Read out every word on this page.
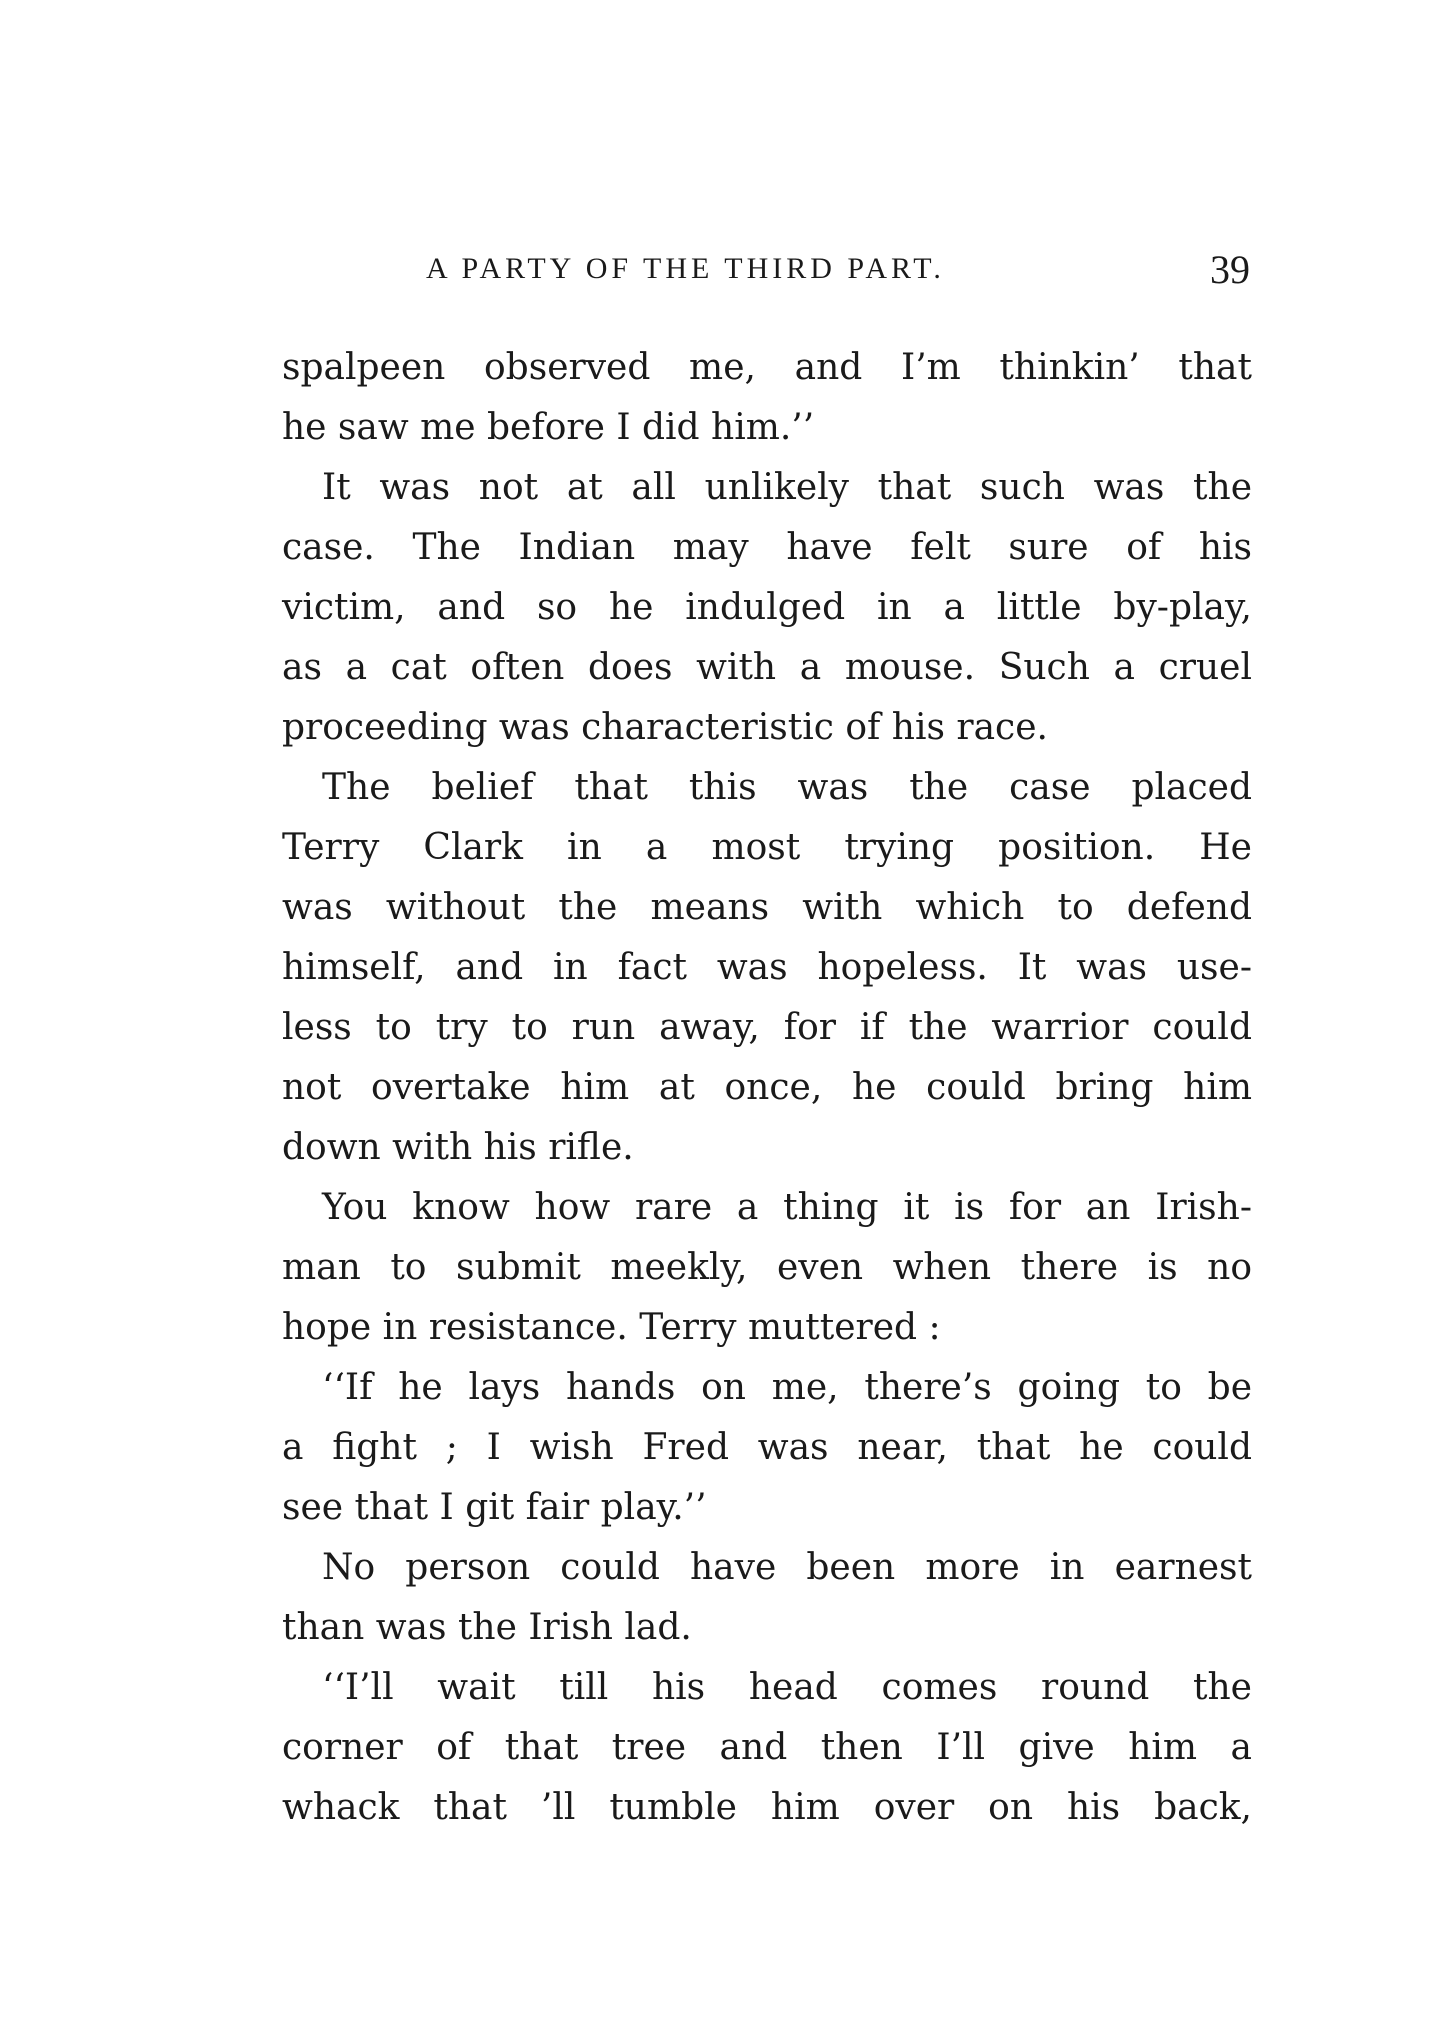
A PARTY OF THE THIRD PART.	39
spalpeen observed me, and I’m thinkin’ that
he saw me before I did him.’’
It was not at all unlikely that such was the
case. The Indian may have felt sure of his
victim, and so he indulged in a little by-play,
as a cat often does with a mouse. Such a cruel
proceeding was characteristic of his race.
The belief that this was the case placed
Terry Clark in a most trying position. He
was without the means with which to defend
himself, and in fact was hopeless. It was use-
less to try to run away, for if the warrior could
not overtake him at once, he could bring him
down with his rifle.
You know how rare a thing it is for an Irish-
man to submit meekly, even when there is no
hope in resistance. Terry muttered :
‘‘If he lays hands on me, there’s going to be
a fight ; I wish Fred was near, that he could
see that I git fair play.’’
No person could have been more in earnest
than was the Irish lad.
‘‘I’ll wait till his head comes round the
corner of that tree and then I’ll give him a
whack that ’ll tumble him over on his back,
